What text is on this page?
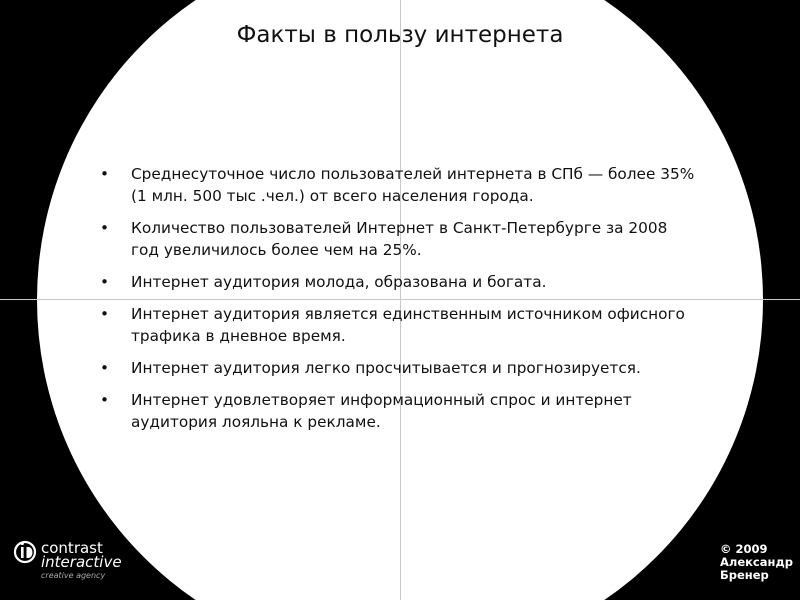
Факты в пользу интернета
• Среднесуточное число пользователей интернета в СПб — более 35% (1 млн. 500 тыс .чел.) от всего населения города.
• Количество пользователей Интернет в Санкт-Петербурге за 2008 год увеличилось более чем на 25%.
• Интернет аудитория молода, образована и богата.
• Интернет аудитория является единственным источником офисного трафика в дневное время.
• Интернет аудитория легко просчитывается и прогнозируется.
• Интернет удовлетворяет информационный спрос и интернет аудитория лояльна к рекламе.
contrast
interactive
creative agency
© 2009
Александр
Бренер
